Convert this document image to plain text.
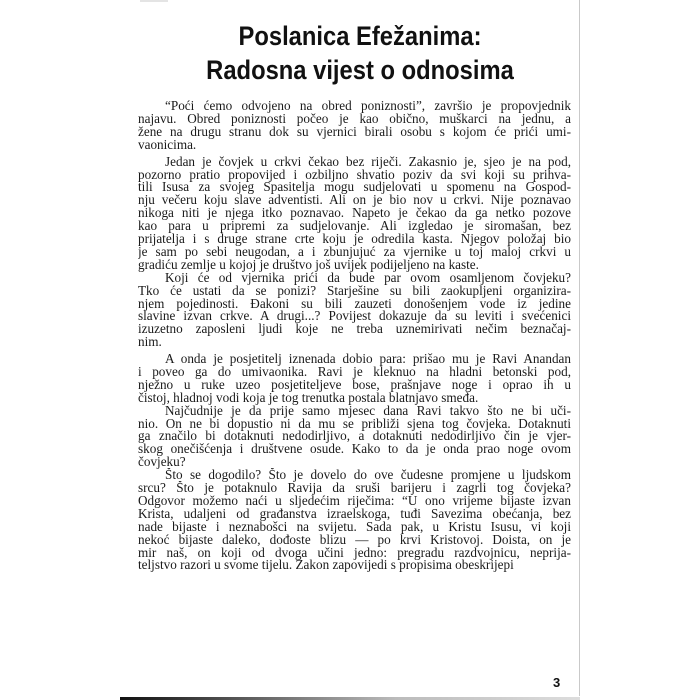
Poslanica Efežanima:
Radosna vijest o odnosima
“Poći ćemo odvojeno na obred poniznosti”, završio je propovjednik
najavu. Obred poniznosti počeo je kao obično, muškarci na jednu, a
žene na drugu stranu dok su vjernici birali osobu s kojom će prići umi-
vaonicima.
Jedan je čovjek u crkvi čekao bez riječi. Zakasnio je, sjeo je na pod,
pozorno pratio propovijed i ozbiljno shvatio poziv da svi koji su prihva-
tili Isusa za svojeg Spasitelja mogu sudjelovati u spomenu na Gospod-
nju večeru koju slave adventisti. Ali on je bio nov u crkvi. Nije poznavao
nikoga niti je njega itko poznavao. Napeto je čekao da ga netko pozove
kao para u pripremi za sudjelovanje. Ali izgledao je siromašan, bez
prijatelja i s druge strane crte koju je odredila kasta. Njegov položaj bio
je sam po sebi neugodan, a i zbunjujuć za vjernike u toj maloj crkvi u
gradiću zemlje u kojoj je društvo još uvijek podijeljeno na kaste.
Koji će od vjernika prići da bude par ovom osamljenom čovjeku?
Tko će ustati da se ponizi? Starješine su bili zaokupljeni organizira-
njem pojedinosti. Đakoni su bili zauzeti donošenjem vode iz jedine
slavine izvan crkve. A drugi...? Povijest dokazuje da su leviti i svećenici
izuzetno zaposleni ljudi koje ne treba uznemirivati nečim beznačaj-
nim.
A onda je posjetitelj iznenada dobio para: prišao mu je Ravi Anandan
i poveo ga do umivaonika. Ravi je kleknuo na hladni betonski pod,
nježno u ruke uzeo posjetiteljeve bose, prašnjave noge i oprao ih u
čistoj, hladnoj vodi koja je tog trenutka postala blatnjavo smeđa.
Najčudnije je da prije samo mjesec dana Ravi takvo što ne bi uči-
nio. On ne bi dopustio ni da mu se približi sjena tog čovjeka. Dotaknuti
ga značilo bi dotaknuti nedodirljivo, a dotaknuti nedodirljivo čin je vjer-
skog onečišćenja i društvene osude. Kako to da je onda prao noge ovom
čovjeku?
Što se dogodilo? Što je dovelo do ove čudesne promjene u ljudskom
srcu? Što je potaknulo Ravija da sruši barijeru i zagrli tog čovjeka?
Odgovor možemo naći u sljedećim riječima: “U ono vrijeme bijaste izvan
Krista, udaljeni od građanstva izraelskoga, tuđi Savezima obećanja, bez
nade bijaste i neznabošci na svijetu. Sada pak, u Kristu Isusu, vi koji
nekoć bijaste daleko, dođoste blizu — po krvi Kristovoj. Doista, on je
mir naš, on koji od dvoga učini jedno: pregradu razdvojnicu, neprija-
teljstvo razori u svome tijelu. Zakon zapovijedi s propisima obeskrijepi
3
